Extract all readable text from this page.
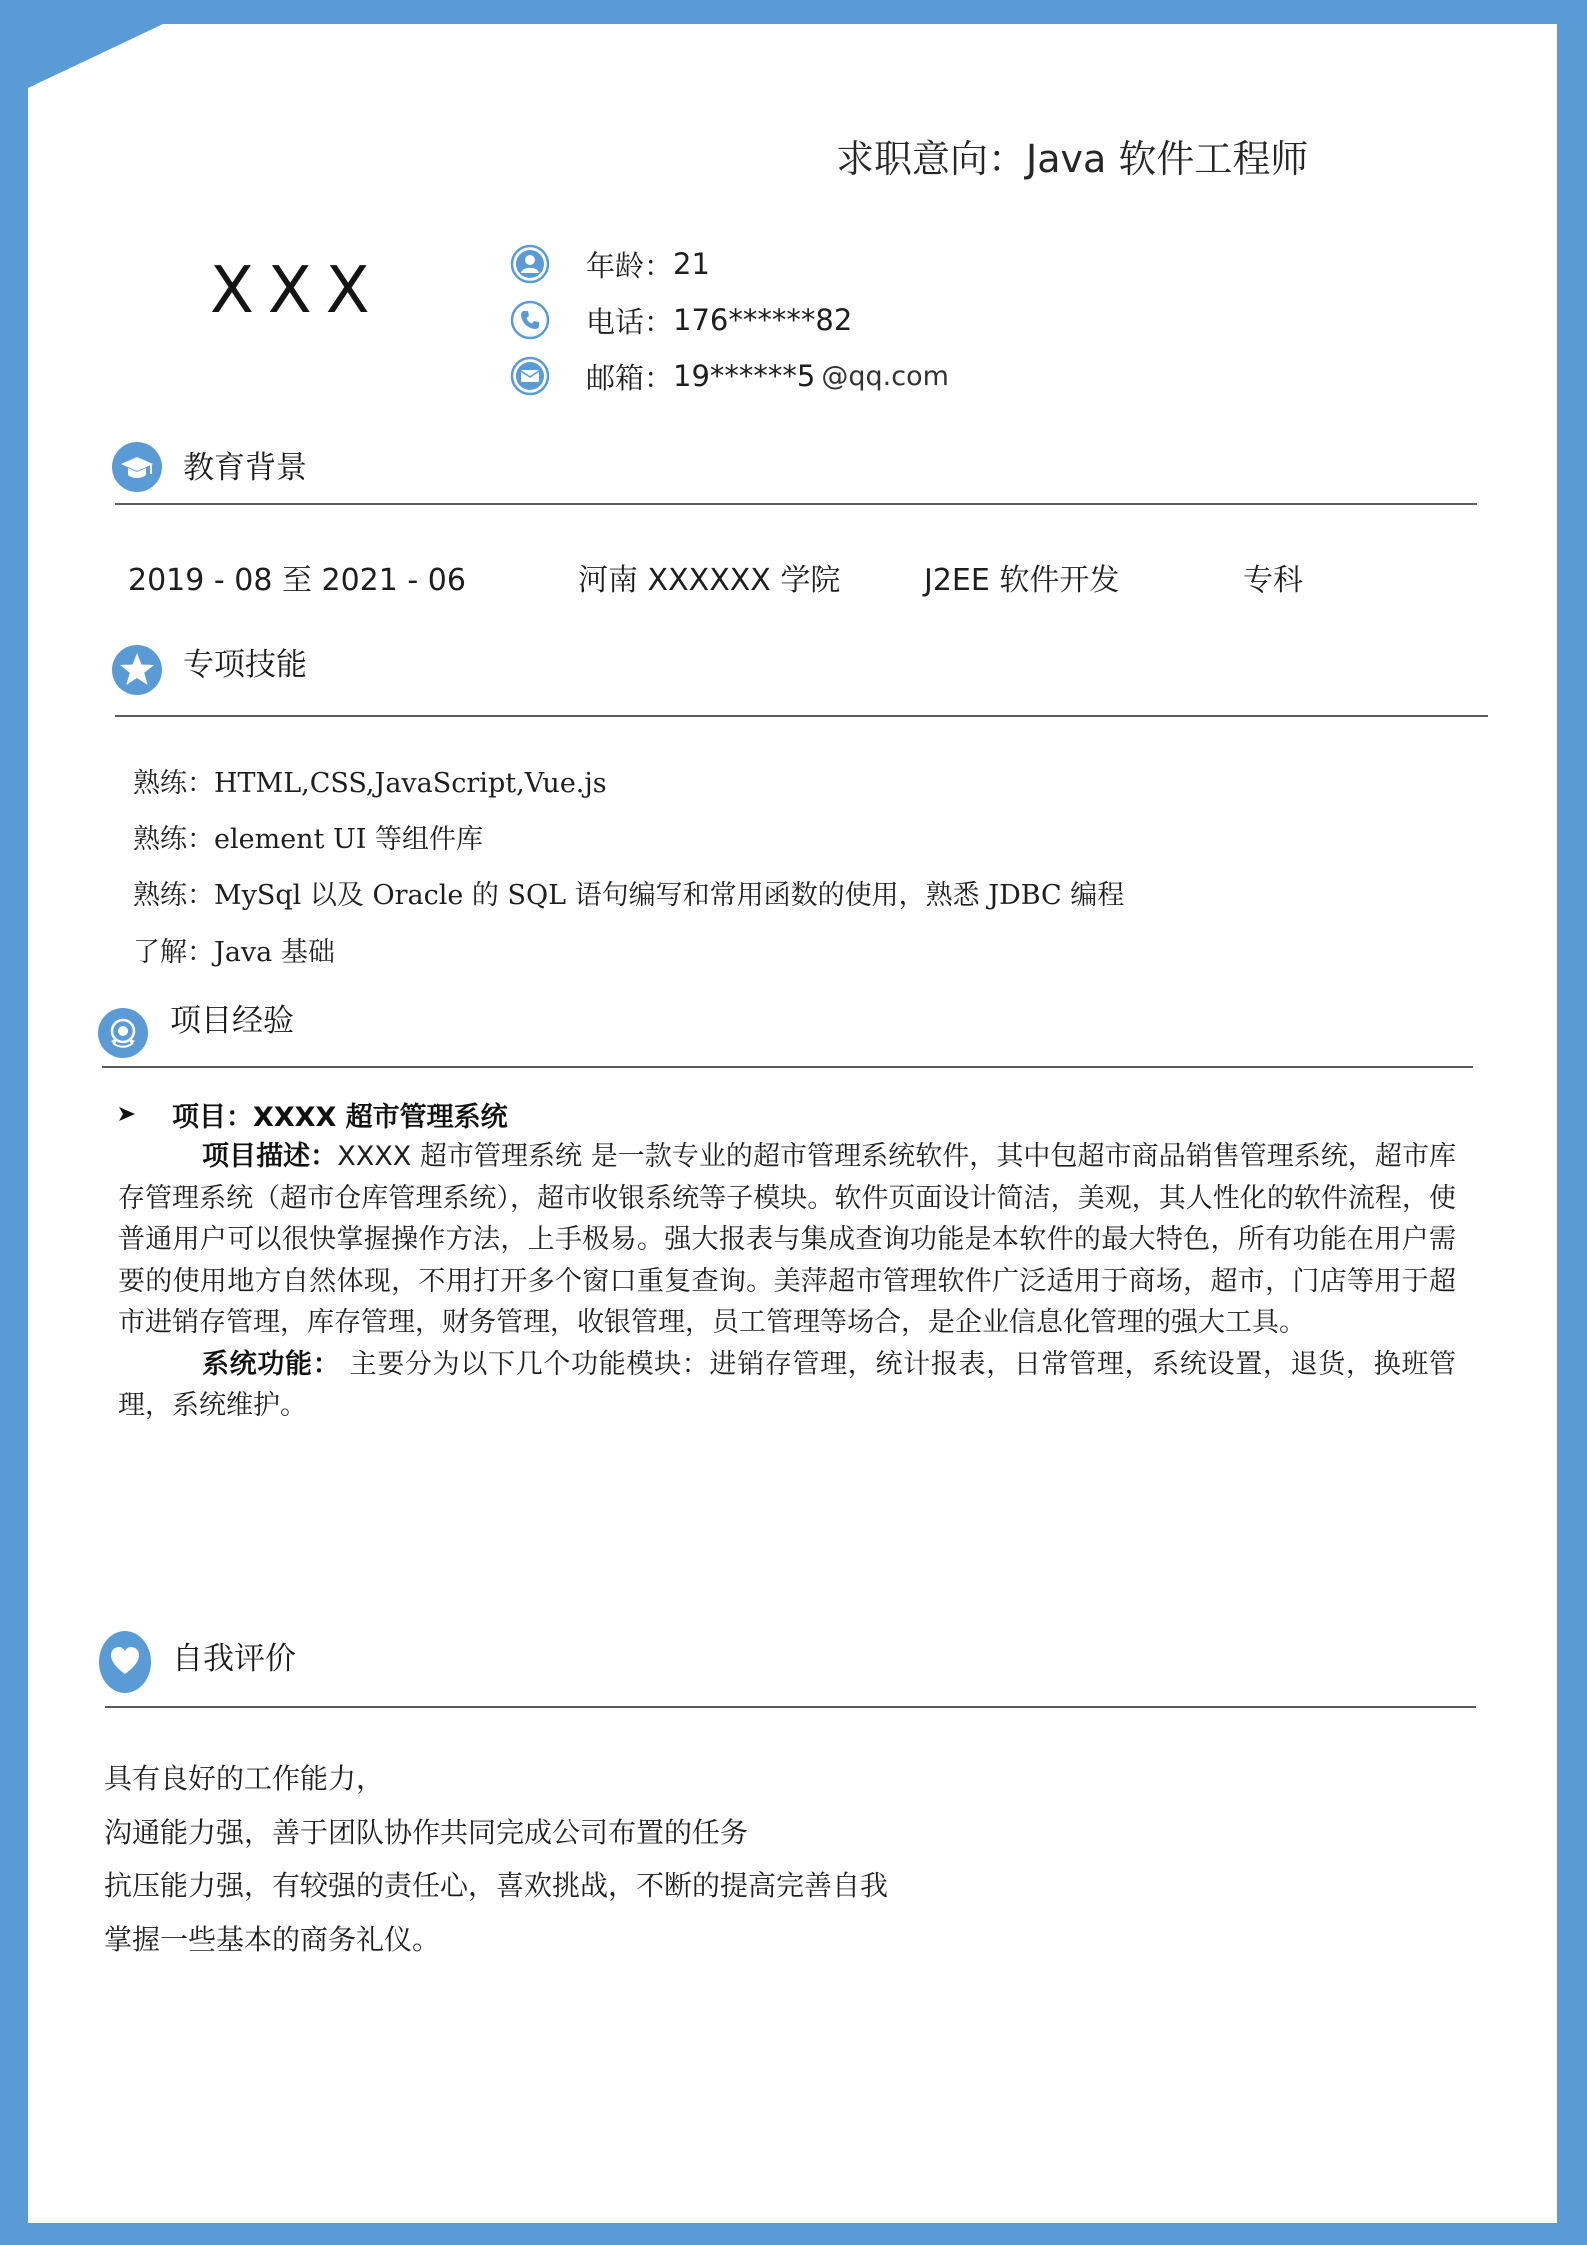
求职意向：Java 软件工程师
XXX	年龄： 21
电话： 176******82
邮箱： 19******5 @qq.com
教育背景
2019 - 08 至 2021 - 06	河南 XXXXXX 学院	J2EE 软件开发	专科
专项技能
熟练：HTML,CSS,JavaScript,Vue.js
熟练：element UI 等组件库
熟练：MySql 以及 Oracle 的 SQL 语句编写和常用函数的使用，熟悉 JDBC 编程
了解：Java 基础
项目经验
项目：XXXX 超市管理系统

项目描述：XXXX 超市管理系统 是一款专业的超市管理系统软件，其中包超市商品销售管理系统，超市库存管理系统（超市仓库管理系统），超市收银系统等子模块。软件页面设计简洁，美观，其人性化的软件流程，使普通用户可以很快掌握操作方法，上手极易。强大报表与集成查询功能是本软件的最大特色，所有功能在用户需要的使用地方自然体现，不用打开多个窗口重复查询。美萍超市管理软件广泛适用于商场，超市，门店等用于超市进销存管理，库存管理，财务管理，收银管理，员工管理等场合，是企业信息化管理的强大工具。

系统功能： 主要分为以下几个功能模块：进销存管理，统计报表，日常管理，系统设置，退货，换班管理，系统维护。

自我评价
具有良好的工作能力，
沟通能力强，善于团队协作共同完成公司布置的任务
抗压能力强，有较强的责任心，喜欢挑战，不断的提高完善自我
掌握一些基本的商务礼仪。
